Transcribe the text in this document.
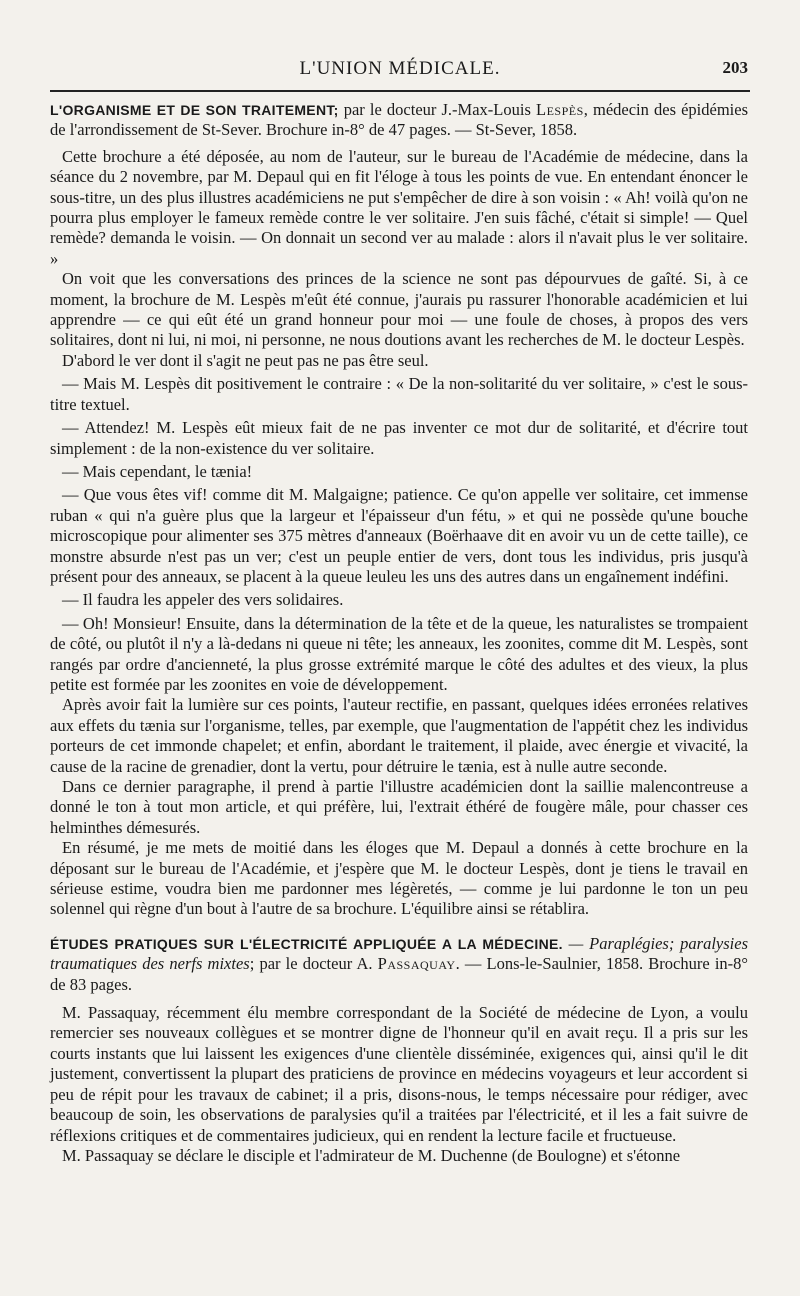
L'UNION MÉDICALE.	203

L'ORGANISME ET DE SON TRAITEMENT; par le docteur J.-Max-Louis Lespès, médecin des épidémies de l'arrondissement de St-Sever. Brochure in-8° de 47 pages. — St-Sever, 1858.

Cette brochure a été déposée, au nom de l'auteur, sur le bureau de l'Académie de médecine, dans la séance du 2 novembre, par M. Depaul qui en fit l'éloge à tous les points de vue. En entendant énoncer le sous-titre, un des plus illustres académiciens ne put s'empêcher de dire à son voisin : « Ah! voilà qu'on ne pourra plus employer le fameux remède contre le ver solitaire. J'en suis fâché, c'était si simple! — Quel remède? demanda le voisin. — On donnait un second ver au malade : alors il n'avait plus le ver solitaire. »

On voit que les conversations des princes de la science ne sont pas dépourvues de gaîté. Si, à ce moment, la brochure de M. Lespès m'eût été connue, j'aurais pu rassurer l'honorable académicien et lui apprendre — ce qui eût été un grand honneur pour moi — une foule de choses, à propos des vers solitaires, dont ni lui, ni moi, ni personne, ne nous doutions avant les recherches de M. le docteur Lespès.

D'abord le ver dont il s'agit ne peut pas ne pas être seul.

— Mais M. Lespès dit positivement le contraire : « De la non-solitarité du ver solitaire, » c'est le sous-titre textuel.

— Attendez! M. Lespès eût mieux fait de ne pas inventer ce mot dur de solitarité, et d'écrire tout simplement : de la non-existence du ver solitaire.

— Mais cependant, le tænia!

— Que vous êtes vif! comme dit M. Malgaigne; patience. Ce qu'on appelle ver solitaire, cet immense ruban « qui n'a guère plus que la largeur et l'épaisseur d'un fétu, » et qui ne possède qu'une bouche microscopique pour alimenter ses 375 mètres d'anneaux (Boërhaave dit en avoir vu un de cette taille), ce monstre absurde n'est pas un ver; c'est un peuple entier de vers, dont tous les individus, pris jusqu'à présent pour des anneaux, se placent à la queue leuleu les uns des autres dans un engaînement indéfini.

— Il faudra les appeler des vers solidaires.

— Oh! Monsieur! Ensuite, dans la détermination de la tête et de la queue, les naturalistes se trompaient de côté, ou plutôt il n'y a là-dedans ni queue ni tête; les anneaux, les zoonites, comme dit M. Lespès, sont rangés par ordre d'ancienneté, la plus grosse extrémité marque le côté des adultes et des vieux, la plus petite est formée par les zoonites en voie de développement.

Après avoir fait la lumière sur ces points, l'auteur rectifie, en passant, quelques idées erronées relatives aux effets du tænia sur l'organisme, telles, par exemple, que l'augmentation de l'appétit chez les individus porteurs de cet immonde chapelet; et enfin, abordant le traitement, il plaide, avec énergie et vivacité, la cause de la racine de grenadier, dont la vertu, pour détruire le tænia, est à nulle autre seconde.

Dans ce dernier paragraphe, il prend à partie l'illustre académicien dont la saillie malencontreuse a donné le ton à tout mon article, et qui préfère, lui, l'extrait éthéré de fougère mâle, pour chasser ces helminthes démesurés.

En résumé, je me mets de moitié dans les éloges que M. Depaul a donnés à cette brochure en la déposant sur le bureau de l'Académie, et j'espère que M. le docteur Lespès, dont je tiens le travail en sérieuse estime, voudra bien me pardonner mes légèretés, — comme je lui pardonne le ton un peu solennel qui règne d'un bout à l'autre de sa brochure. L'équilibre ainsi se rétablira.

ÉTUDES PRATIQUES SUR L'ÉLECTRICITÉ APPLIQUÉE A LA MÉDECINE. — Paraplégies; paralysies traumatiques des nerfs mixtes; par le docteur A. Passaquay. — Lons-le-Saulnier, 1858. Brochure in-8° de 83 pages.

M. Passaquay, récemment élu membre correspondant de la Société de médecine de Lyon, a voulu remercier ses nouveaux collègues et se montrer digne de l'honneur qu'il en avait reçu. Il a pris sur les courts instants que lui laissent les exigences d'une clientèle disséminée, exigences qui, ainsi qu'il le dit justement, convertissent la plupart des praticiens de province en médecins voyageurs et leur accordent si peu de répit pour les travaux de cabinet; il a pris, disons-nous, le temps nécessaire pour rédiger, avec beaucoup de soin, les observations de paralysies qu'il a traitées par l'électricité, et il les a fait suivre de réflexions critiques et de commentaires judicieux, qui en rendent la lecture facile et fructueuse.

M. Passaquay se déclare le disciple et l'admirateur de M. Duchenne (de Boulogne) et s'étonne
